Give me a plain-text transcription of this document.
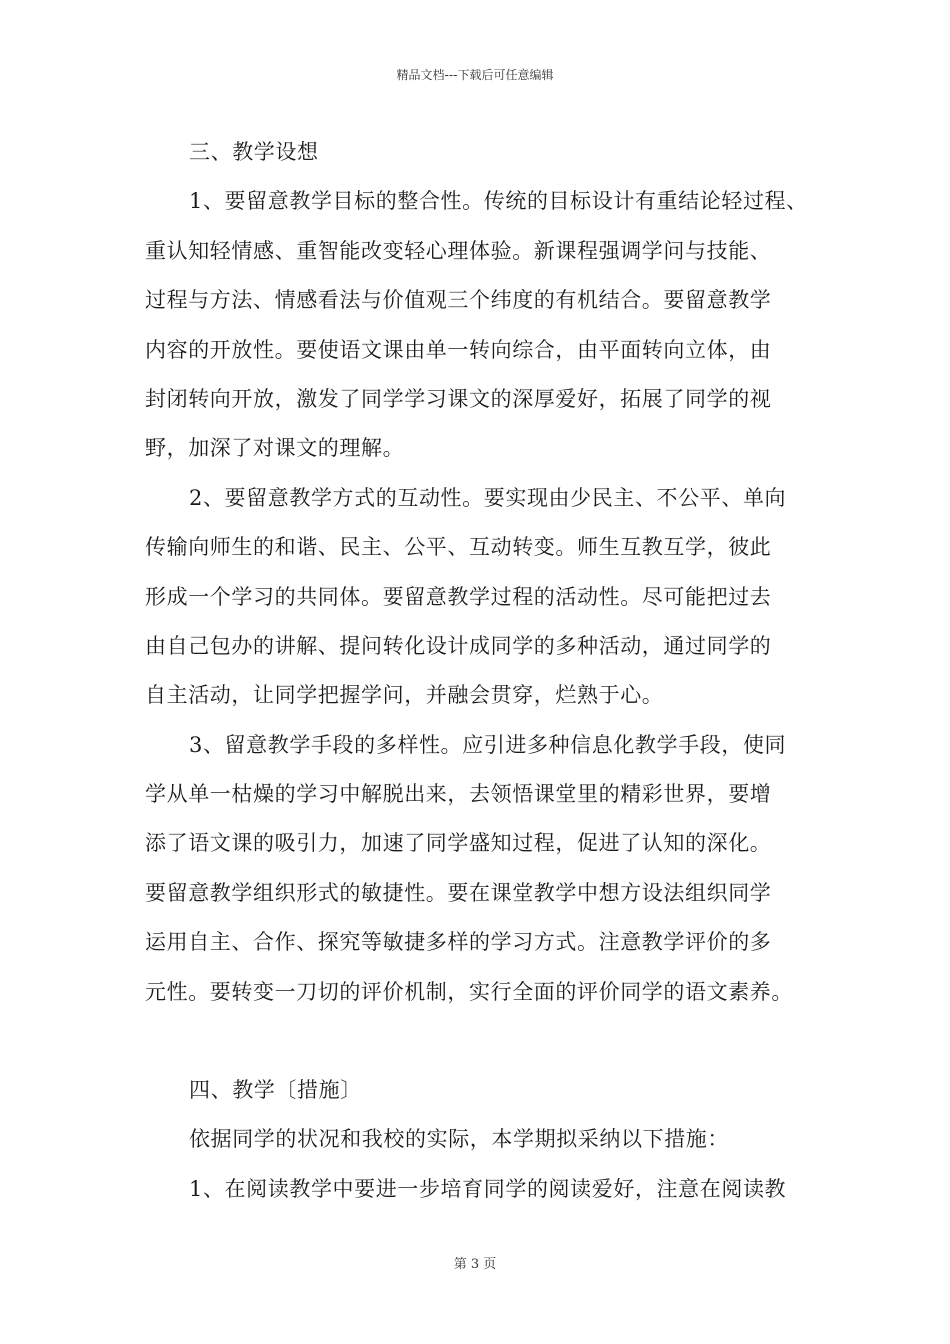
精品文档---下载后可任意编辑
三、教学设想
1、要留意教学目标的整合性。传统的目标设计有重结论轻过程、
重认知轻情感、重智能改变轻心理体验。新课程强调学问与技能、
过程与方法、情感看法与价值观三个纬度的有机结合。要留意教学
内容的开放性。要使语文课由单一转向综合，由平面转向立体，由
封闭转向开放，激发了同学学习课文的深厚爱好，拓展了同学的视
野，加深了对课文的理解。
2、要留意教学方式的互动性。要实现由少民主、不公平、单向
传输向师生的和谐、民主、公平、互动转变。师生互教互学，彼此
形成一个学习的共同体。要留意教学过程的活动性。尽可能把过去
由自己包办的讲解、提问转化设计成同学的多种活动，通过同学的
自主活动，让同学把握学问，并融会贯穿，烂熟于心。
3、留意教学手段的多样性。应引进多种信息化教学手段，使同
学从单一枯燥的学习中解脱出来，去领悟课堂里的精彩世界，要增
添了语文课的吸引力，加速了同学盛知过程，促进了认知的深化。
要留意教学组织形式的敏捷性。要在课堂教学中想方设法组织同学
运用自主、合作、探究等敏捷多样的学习方式。注意教学评价的多
元性。要转变一刀切的评价机制，实行全面的评价同学的语文素养。
四、教学〔措施〕
依据同学的状况和我校的实际，本学期拟采纳以下措施：
1、在阅读教学中要进一步培育同学的阅读爱好，注意在阅读教
第 3 页
